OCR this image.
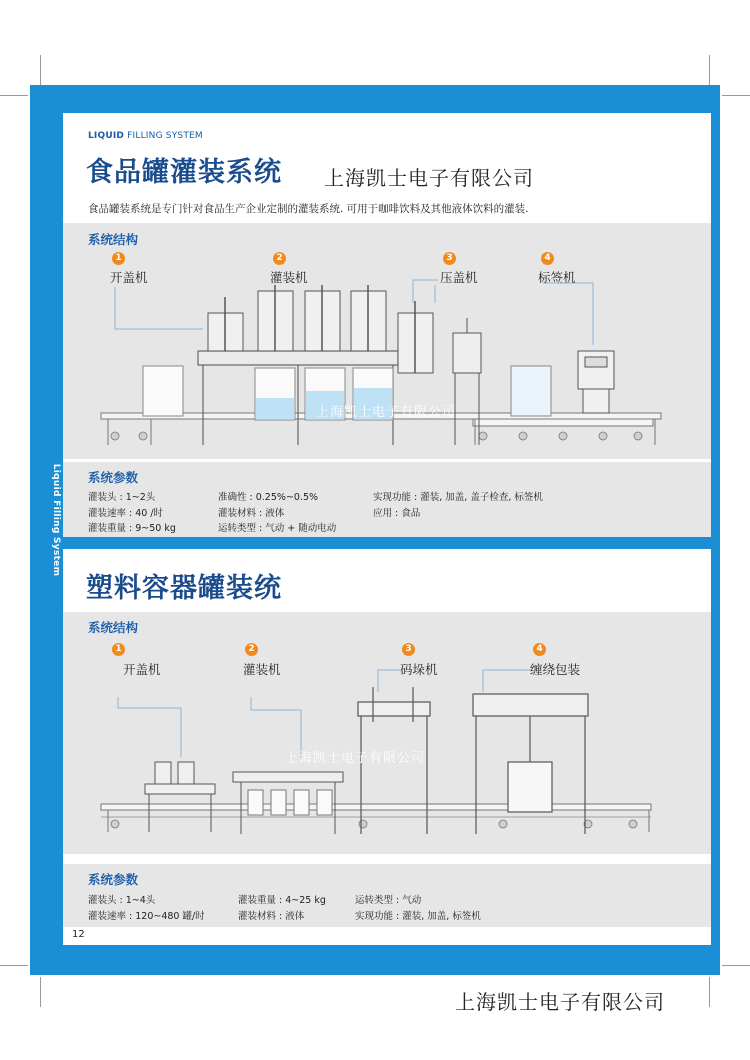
Liquid Filling System
LIQUID FILLING SYSTEM
食品罐灌装系统 上海凯士电子有限公司
食品罐装系统是专门针对食品生产企业定制的灌装系统. 可用于咖啡饮料及其他液体饮料的灌装.
系统结构
1
开盖机
2
灌装机
3
压盖机
4
标签机
上海凯士电子有限公司
系统参数
灌装头 : 1~2头	准确性 : 0.25%~0.5%	实现功能 : 灌装, 加盖, 盖子检查, 标签机
灌装速率 : 40 /时	灌装材料 : 液体	应用 : 食品
灌装重量 : 9~50 kg	运转类型 : 气动 + 随动电动
塑料容器罐装统
系统结构
1
开盖机
2
灌装机
3
码垛机
4
缠绕包装
上海凯士电子有限公司
系统参数
灌装头 : 1~4头	灌装重量 : 4~25 kg	运转类型 : 气动
灌装速率 : 120~480 罐/时	灌装材料 : 液体	实现功能 : 灌装, 加盖, 标签机
12
上海凯士电子有限公司
